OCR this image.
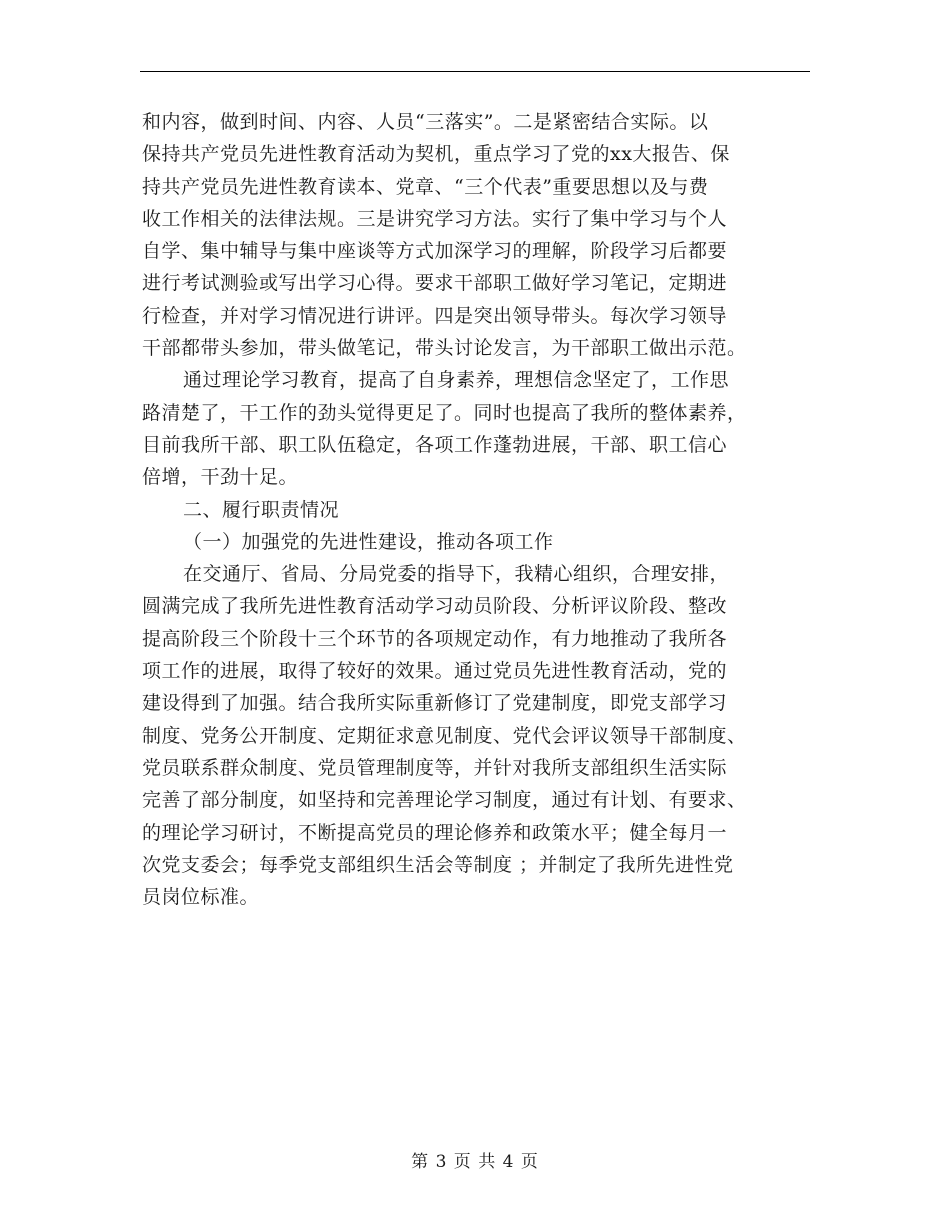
和内容，做到时间、内容、人员“三落实”。二是紧密结合实际。以
保持共产党员先进性教育活动为契机，重点学习了党的xx大报告、保
持共产党员先进性教育读本、党章、“三个代表”重要思想以及与费
收工作相关的法律法规。三是讲究学习方法。实行了集中学习与个人
自学、集中辅导与集中座谈等方式加深学习的理解，阶段学习后都要
进行考试测验或写出学习心得。要求干部职工做好学习笔记，定期进
行检查，并对学习情况进行讲评。四是突出领导带头。每次学习领导
干部都带头参加，带头做笔记，带头讨论发言，为干部职工做出示范。
通过理论学习教育，提高了自身素养，理想信念坚定了，工作思
路清楚了，干工作的劲头觉得更足了。同时也提高了我所的整体素养，
目前我所干部、职工队伍稳定，各项工作蓬勃进展，干部、职工信心
倍增，干劲十足。
二、履行职责情况
（一）加强党的先进性建设，推动各项工作
在交通厅、省局、分局党委的指导下，我精心组织，合理安排，
圆满完成了我所先进性教育活动学习动员阶段、分析评议阶段、整改
提高阶段三个阶段十三个环节的各项规定动作，有力地推动了我所各
项工作的进展，取得了较好的效果。通过党员先进性教育活动，党的
建设得到了加强。结合我所实际重新修订了党建制度，即党支部学习
制度、党务公开制度、定期征求意见制度、党代会评议领导干部制度、
党员联系群众制度、党员管理制度等，并针对我所支部组织生活实际
完善了部分制度，如坚持和完善理论学习制度，通过有计划、有要求、
的理论学习研讨，不断提高党员的理论修养和政策水平；健全每月一
次党支委会；每季党支部组织生活会等制度 ；并制定了我所先进性党
员岗位标准。
第 3 页 共 4 页
